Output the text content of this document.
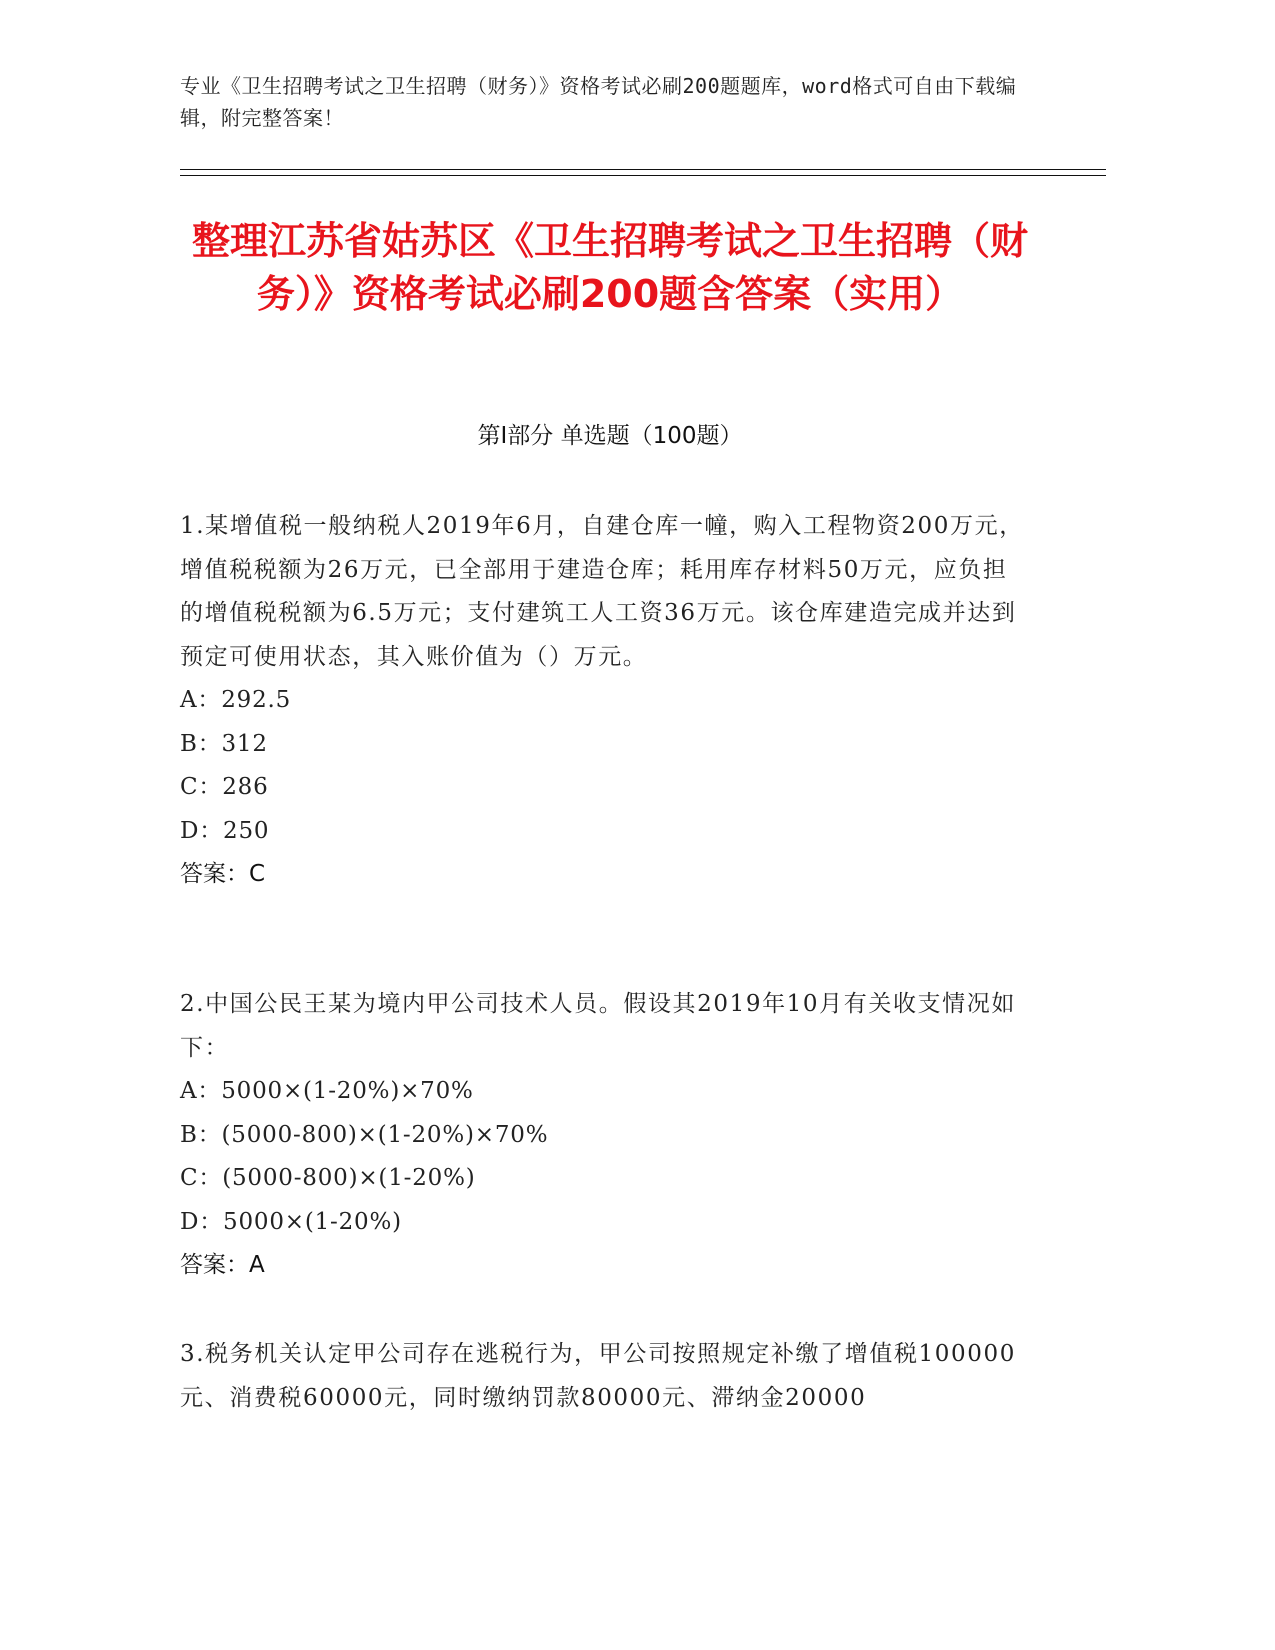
专业《卫生招聘考试之卫生招聘（财务）》资格考试必刷200题题库，word格式可自由下载编辑，附完整答案！
整理江苏省姑苏区《卫生招聘考试之卫生招聘（财务）》资格考试必刷200题含答案（实用）
第I部分 单选题（100题）
1.某增值税一般纳税人2019年6月，自建仓库一幢，购入工程物资200万元，增值税税额为26万元，已全部用于建造仓库；耗用库存材料50万元，应负担的增值税税额为6.5万元；支付建筑工人工资36万元。该仓库建造完成并达到预定可使用状态，其入账价值为（）万元。
A：292.5
B：312
C：286
D：250
答案：C
2.中国公民王某为境内甲公司技术人员。假设其2019年10月有关收支情况如下：
A：5000×(1-20%)×70%
B：(5000-800)×(1-20%)×70%
C：(5000-800)×(1-20%)
D：5000×(1-20%)
答案：A
3.税务机关认定甲公司存在逃税行为，甲公司按照规定补缴了增值税100000元、消费税60000元，同时缴纳罚款80000元、滞纳金20000
